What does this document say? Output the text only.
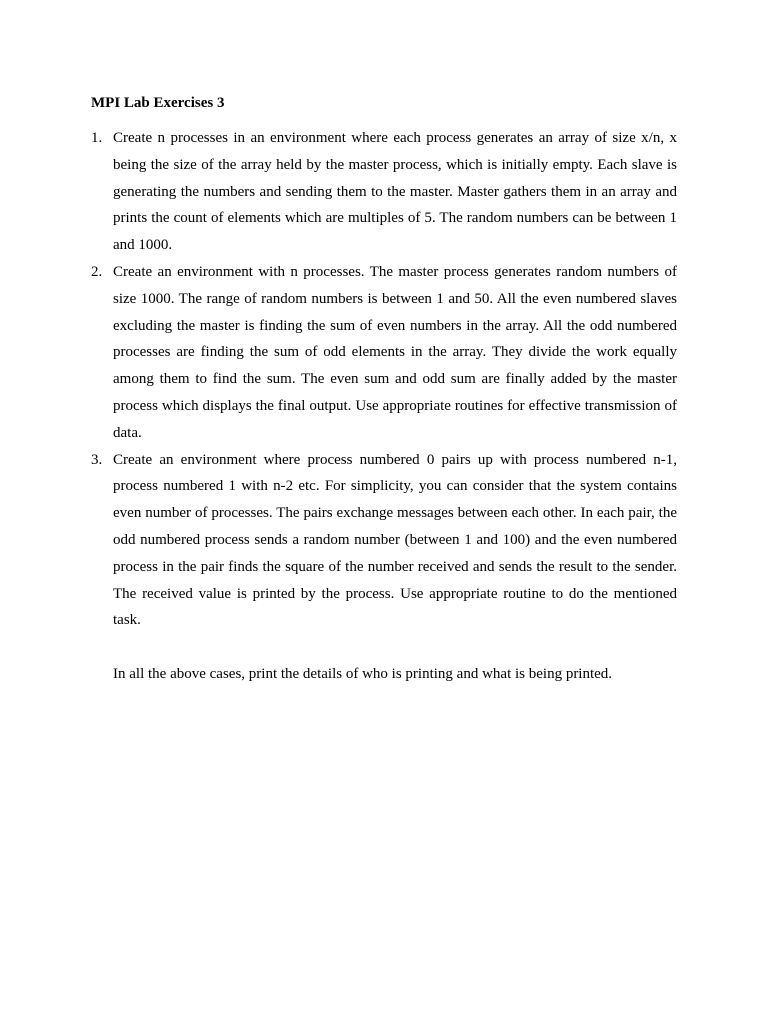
MPI Lab Exercises 3
1. Create n processes in an environment where each process generates an array of size x/n, x being the size of the array held by the master process, which is initially empty. Each slave is generating the numbers and sending them to the master. Master gathers them in an array and prints the count of elements which are multiples of 5. The random numbers can be between 1 and 1000.
2. Create an environment with n processes. The master process generates random numbers of size 1000. The range of random numbers is between 1 and 50. All the even numbered slaves excluding the master is finding the sum of even numbers in the array. All the odd numbered processes are finding the sum of odd elements in the array. They divide the work equally among them to find the sum. The even sum and odd sum are finally added by the master process which displays the final output. Use appropriate routines for effective transmission of data.
3. Create an environment where process numbered 0 pairs up with process numbered n-1, process numbered 1 with n-2 etc. For simplicity, you can consider that the system contains even number of processes. The pairs exchange messages between each other. In each pair, the odd numbered process sends a random number (between 1 and 100) and the even numbered process in the pair finds the square of the number received and sends the result to the sender. The received value is printed by the process. Use appropriate routine to do the mentioned task.

In all the above cases, print the details of who is printing and what is being printed.
